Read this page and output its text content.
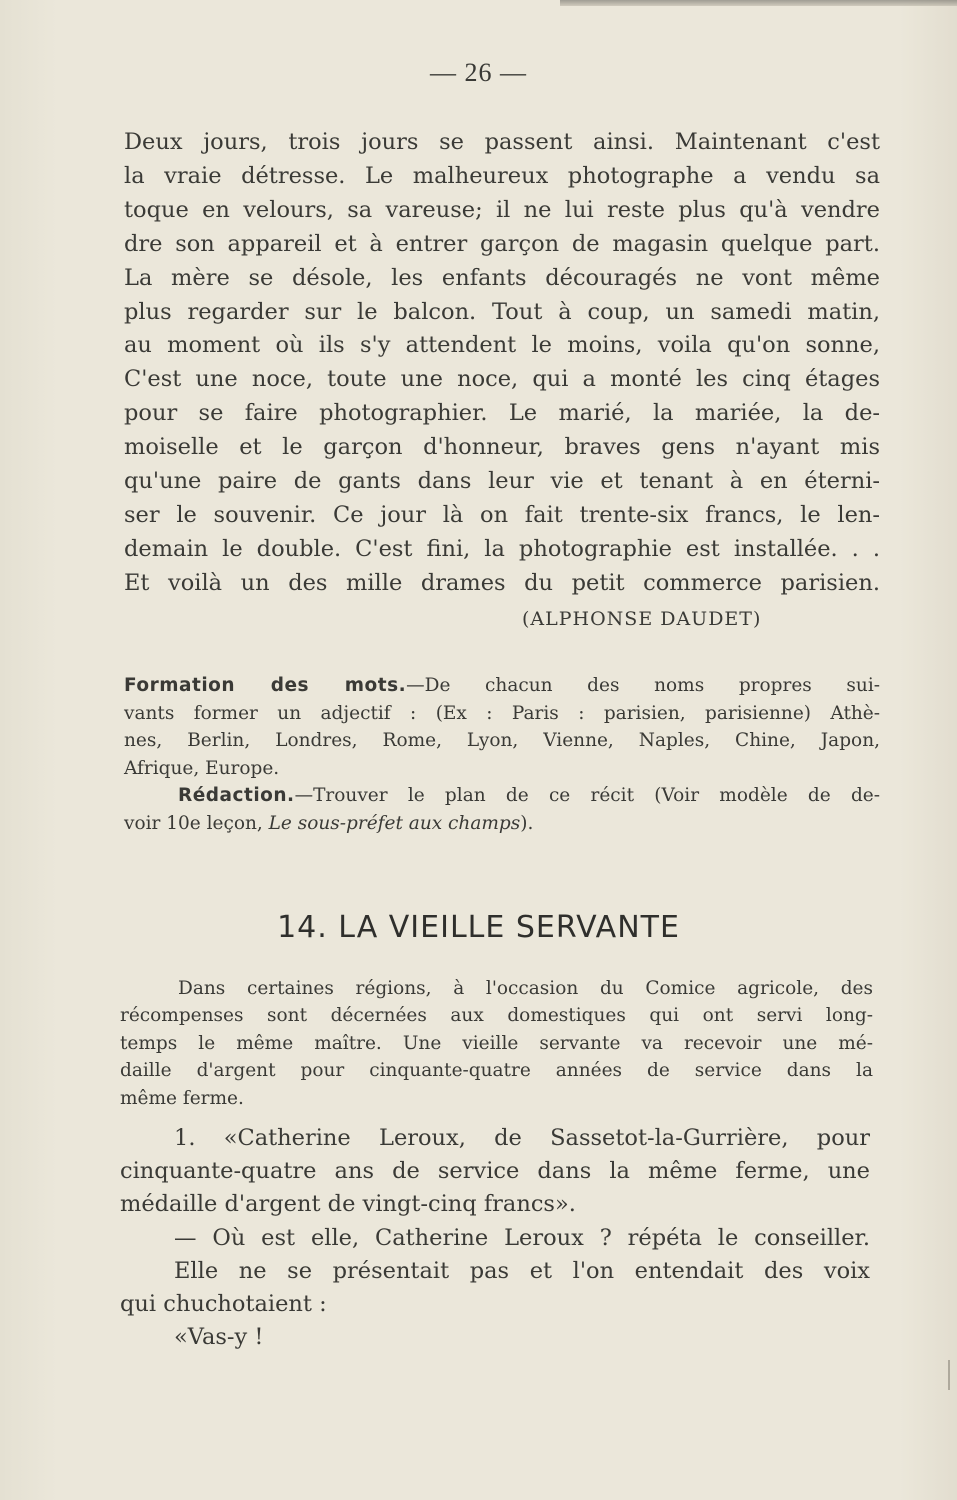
— 26 —
Deux jours, trois jours se passent ainsi. Maintenant c'est
la vraie détresse. Le malheureux photographe a vendu sa
toque en velours, sa vareuse; il ne lui reste plus qu'à vendre
dre son appareil et à entrer garçon de magasin quelque part.
La mère se désole, les enfants découragés ne vont même
plus regarder sur le balcon. Tout à coup, un samedi matin,
au moment où ils s'y attendent le moins, voila qu'on sonne,
C'est une noce, toute une noce, qui a monté les cinq étages
pour se faire photographier. Le marié, la mariée, la de-
moiselle et le garçon d'honneur, braves gens n'ayant mis
qu'une paire de gants dans leur vie et tenant à en éterni-
ser le souvenir. Ce jour là on fait trente-six francs, le len-
demain le double. C'est fini, la photographie est installée. . .
Et voilà un des mille drames du petit commerce parisien.
(ALPHONSE DAUDET)
Formation des mots.—De chacun des noms propres sui-
vants former un adjectif : (Ex : Paris : parisien, parisienne) Athè-
nes, Berlin, Londres, Rome, Lyon, Vienne, Naples, Chine, Japon,
Afrique, Europe.
Rédaction.—Trouver le plan de ce récit (Voir modèle de de-
voir 10e leçon, Le sous-préfet aux champs).
14. LA VIEILLE SERVANTE
Dans certaines régions, à l'occasion du Comice agricole, des
récompenses sont décernées aux domestiques qui ont servi long-
temps le même maître. Une vieille servante va recevoir une mé-
daille d'argent pour cinquante-quatre années de service dans la
même ferme.
1. «Catherine Leroux, de Sassetot-la-Gurrière, pour
cinquante-quatre ans de service dans la même ferme, une
médaille d'argent de vingt-cinq francs».
— Où est elle, Catherine Leroux ? répéta le conseiller.
Elle ne se présentait pas et l'on entendait des voix
qui chuchotaient :
«Vas-y !
